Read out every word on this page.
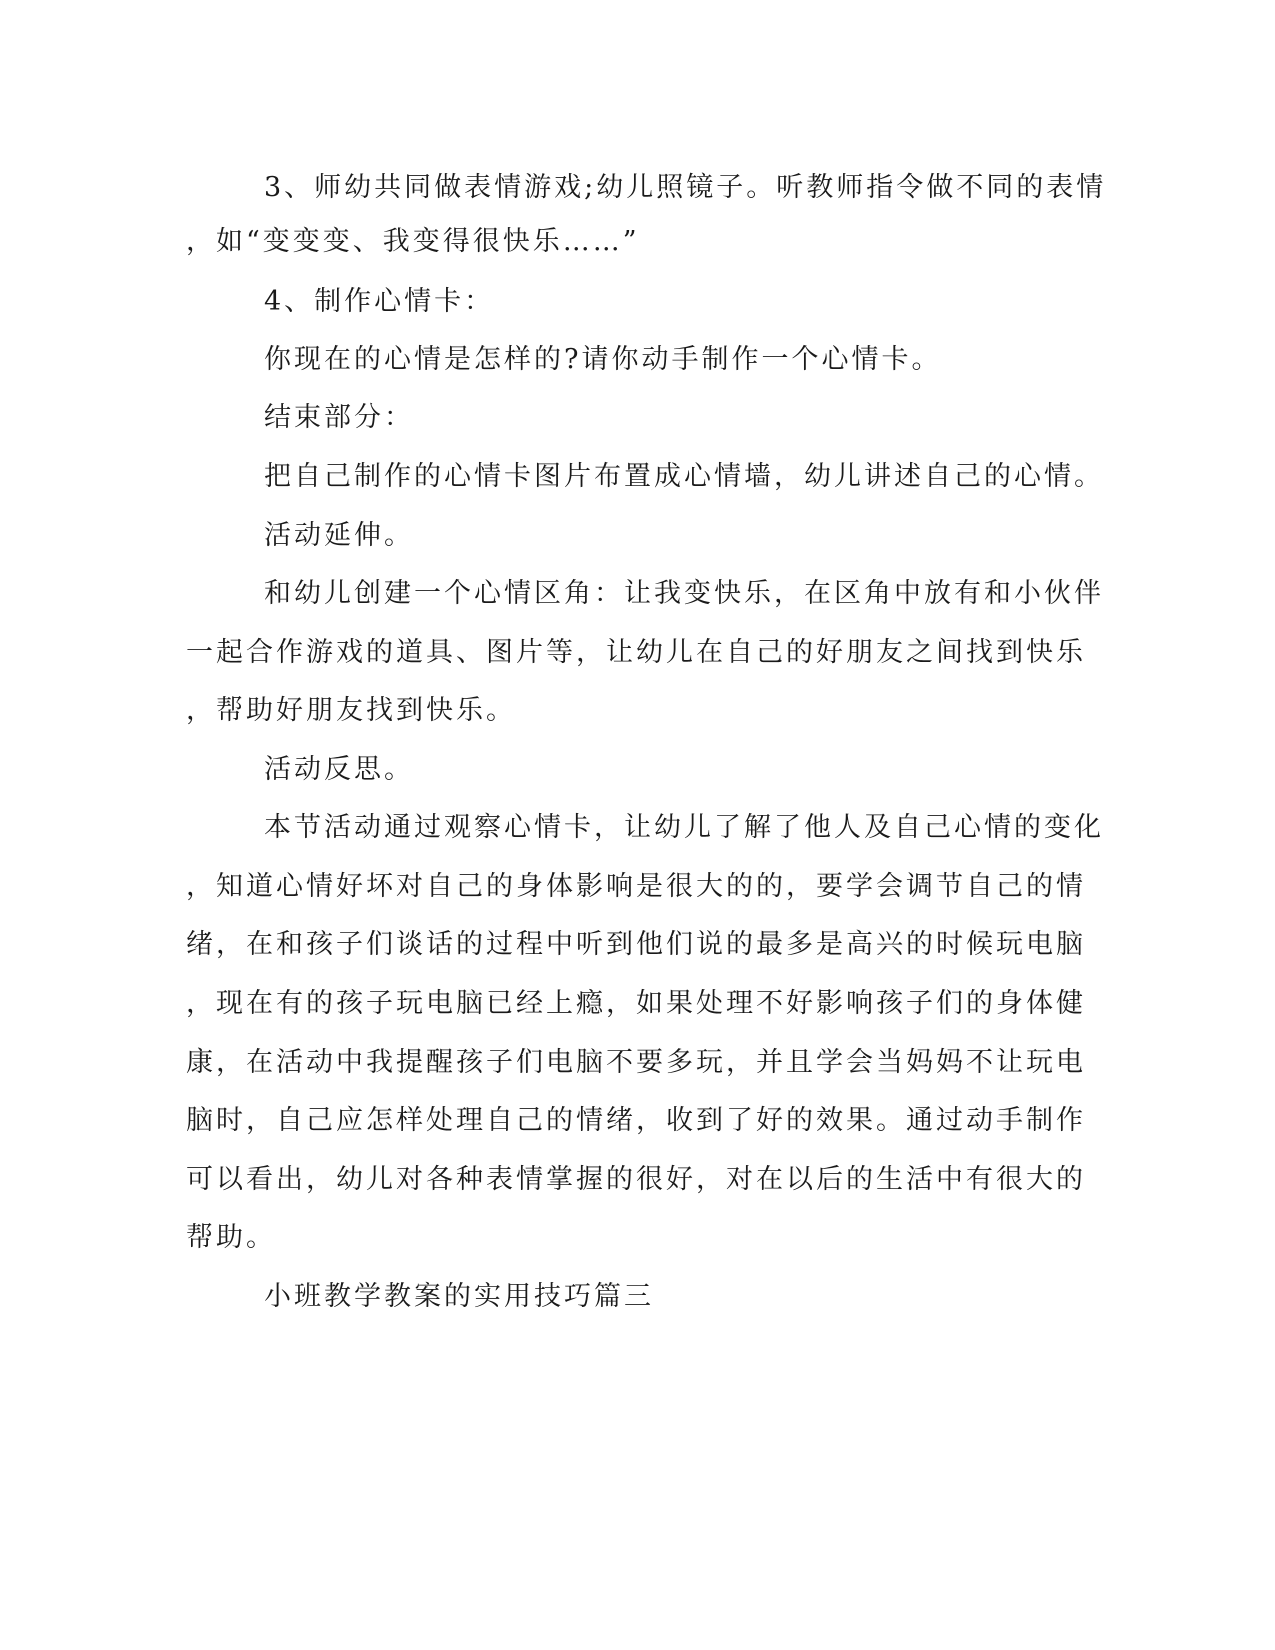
3、师幼共同做表情游戏;幼儿照镜子。听教师指令做不同的表情
，如“变变变、我变得很快乐……”
4、制作心情卡：
你现在的心情是怎样的?请你动手制作一个心情卡。
结束部分：
把自己制作的心情卡图片布置成心情墙，幼儿讲述自己的心情。
活动延伸。
和幼儿创建一个心情区角：让我变快乐，在区角中放有和小伙伴
一起合作游戏的道具、图片等，让幼儿在自己的好朋友之间找到快乐
，帮助好朋友找到快乐。
活动反思。
本节活动通过观察心情卡，让幼儿了解了他人及自己心情的变化
，知道心情好坏对自己的身体影响是很大的的，要学会调节自己的情
绪，在和孩子们谈话的过程中听到他们说的最多是高兴的时候玩电脑
，现在有的孩子玩电脑已经上瘾，如果处理不好影响孩子们的身体健
康，在活动中我提醒孩子们电脑不要多玩，并且学会当妈妈不让玩电
脑时，自己应怎样处理自己的情绪，收到了好的效果。通过动手制作
可以看出，幼儿对各种表情掌握的很好，对在以后的生活中有很大的
帮助。
小班教学教案的实用技巧篇三
